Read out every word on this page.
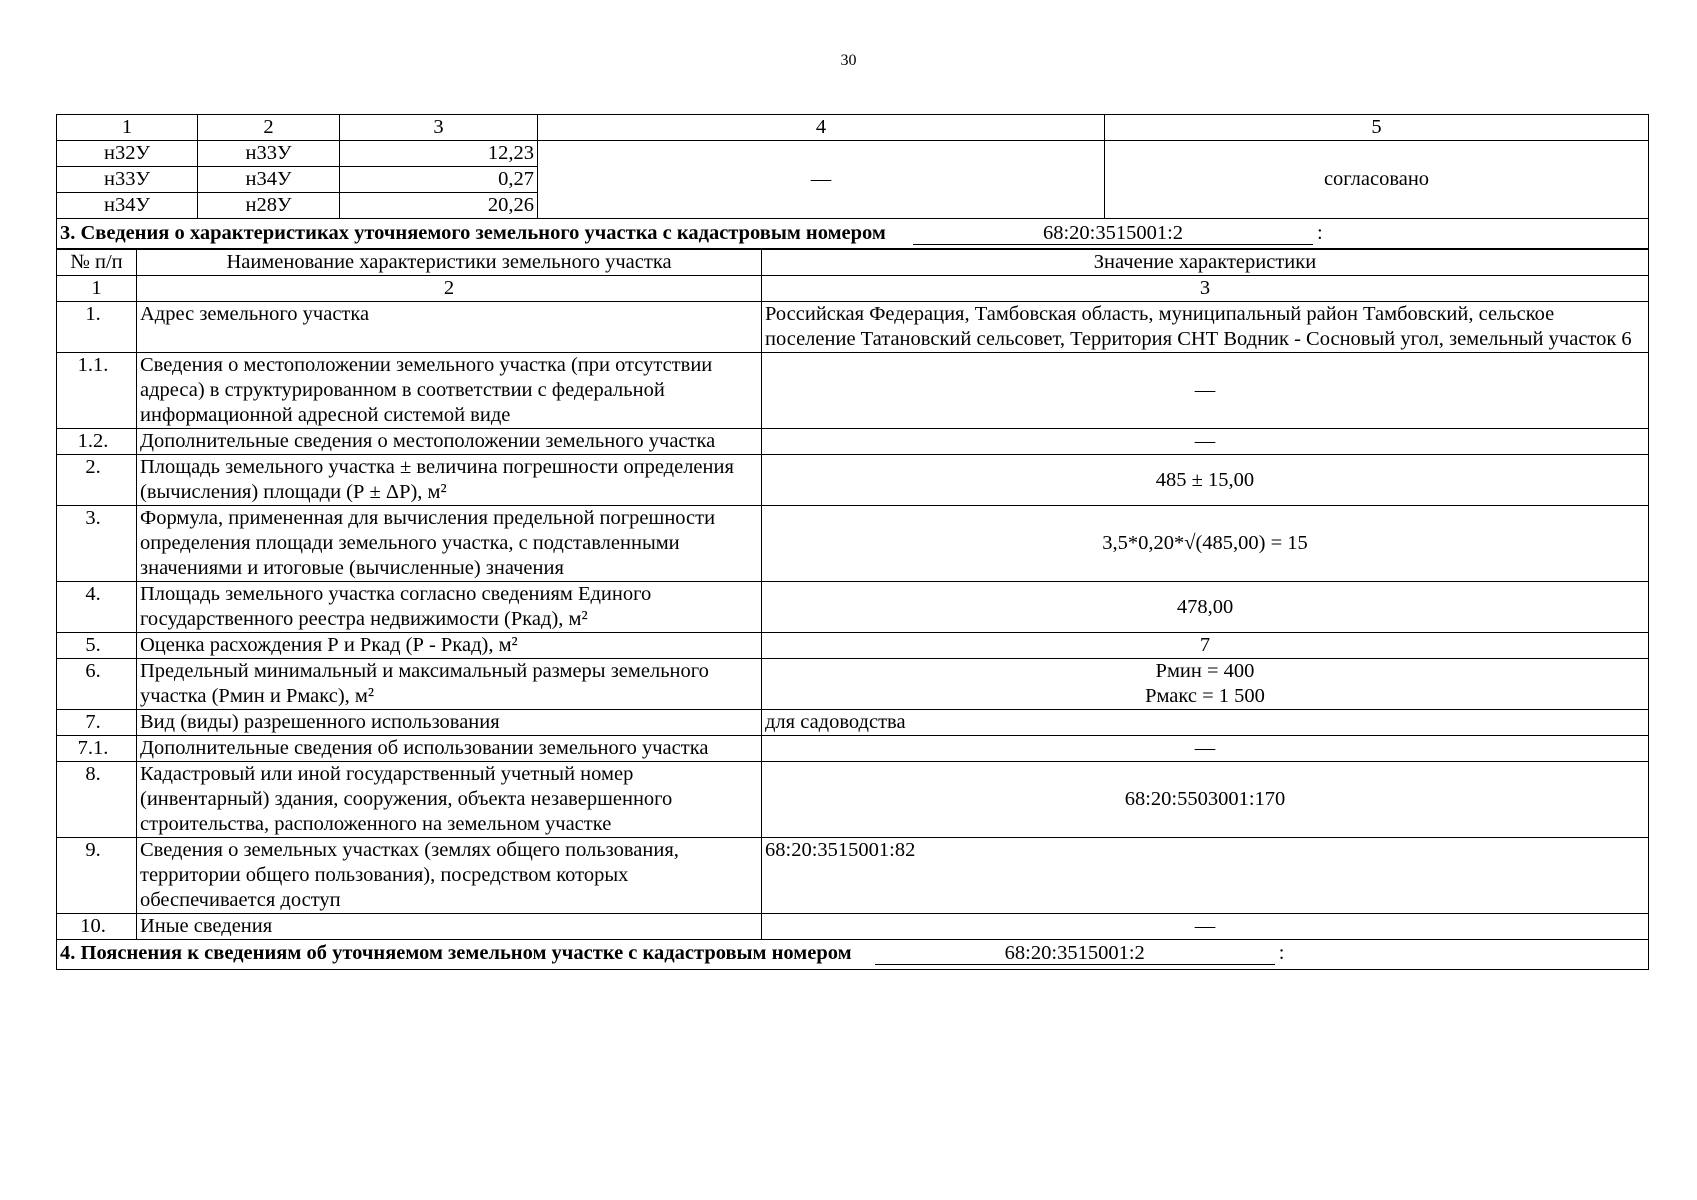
30
1	2	3	4	5
н32У	н33У	12,23	—	согласовано
н33У	н34У	0,27		
н34У	н28У	20,26		
3. Сведения о характеристиках уточняемого земельного участка с кадастровым номером 68:20:3515001:2 :				
№ п/п	Наименование характеристики земельного участка	Значение характеристики
1	2	3
1.	Адрес земельного участка	Российская Федерация, Тамбовская область, муниципальный район Тамбовский, сельское поселение Татановский сельсовет, Территория СНТ Водник - Сосновый угол, земельный участок 6
1.1.	Сведения о местоположении земельного участка (при отсутствии адреса) в структурированном в соответствии с федеральной информационной адресной системой виде	—
1.2.	Дополнительные сведения о местоположении земельного участка	—
2.	Площадь земельного участка ± величина погрешности определения (вычисления) площади (Р ± ΔР), м²	485 ± 15,00
3.	Формула, примененная для вычисления предельной погрешности определения площади земельного участка, с подставленными значениями и итоговые (вычисленные) значения	3,5*0,20*√(485,00) = 15
4.	Площадь земельного участка согласно сведениям Единого государственного реестра недвижимости (Ркад), м²	478,00
5.	Оценка расхождения Р и Ркад (Р - Ркад), м²	7
6.	Предельный минимальный и максимальный размеры земельного участка (Рмин и Рмакс), м²	Рмин = 400
Рмакс = 1 500

7.	Вид (виды) разрешенного использования	для садоводства
7.1.	Дополнительные сведения об использовании земельного участка	—
8.	Кадастровый или иной государственный учетный номер (инвентарный) здания, сооружения, объекта незавершенного строительства, расположенного на земельном участке	68:20:5503001:170
9.	Сведения о земельных участках (землях общего пользования, территории общего пользования), посредством которых обеспечивается доступ	68:20:3515001:82
10.	Иные сведения	—
4. Пояснения к сведениям об уточняемом земельном участке с кадастровым номером 68:20:3515001:2 :		
